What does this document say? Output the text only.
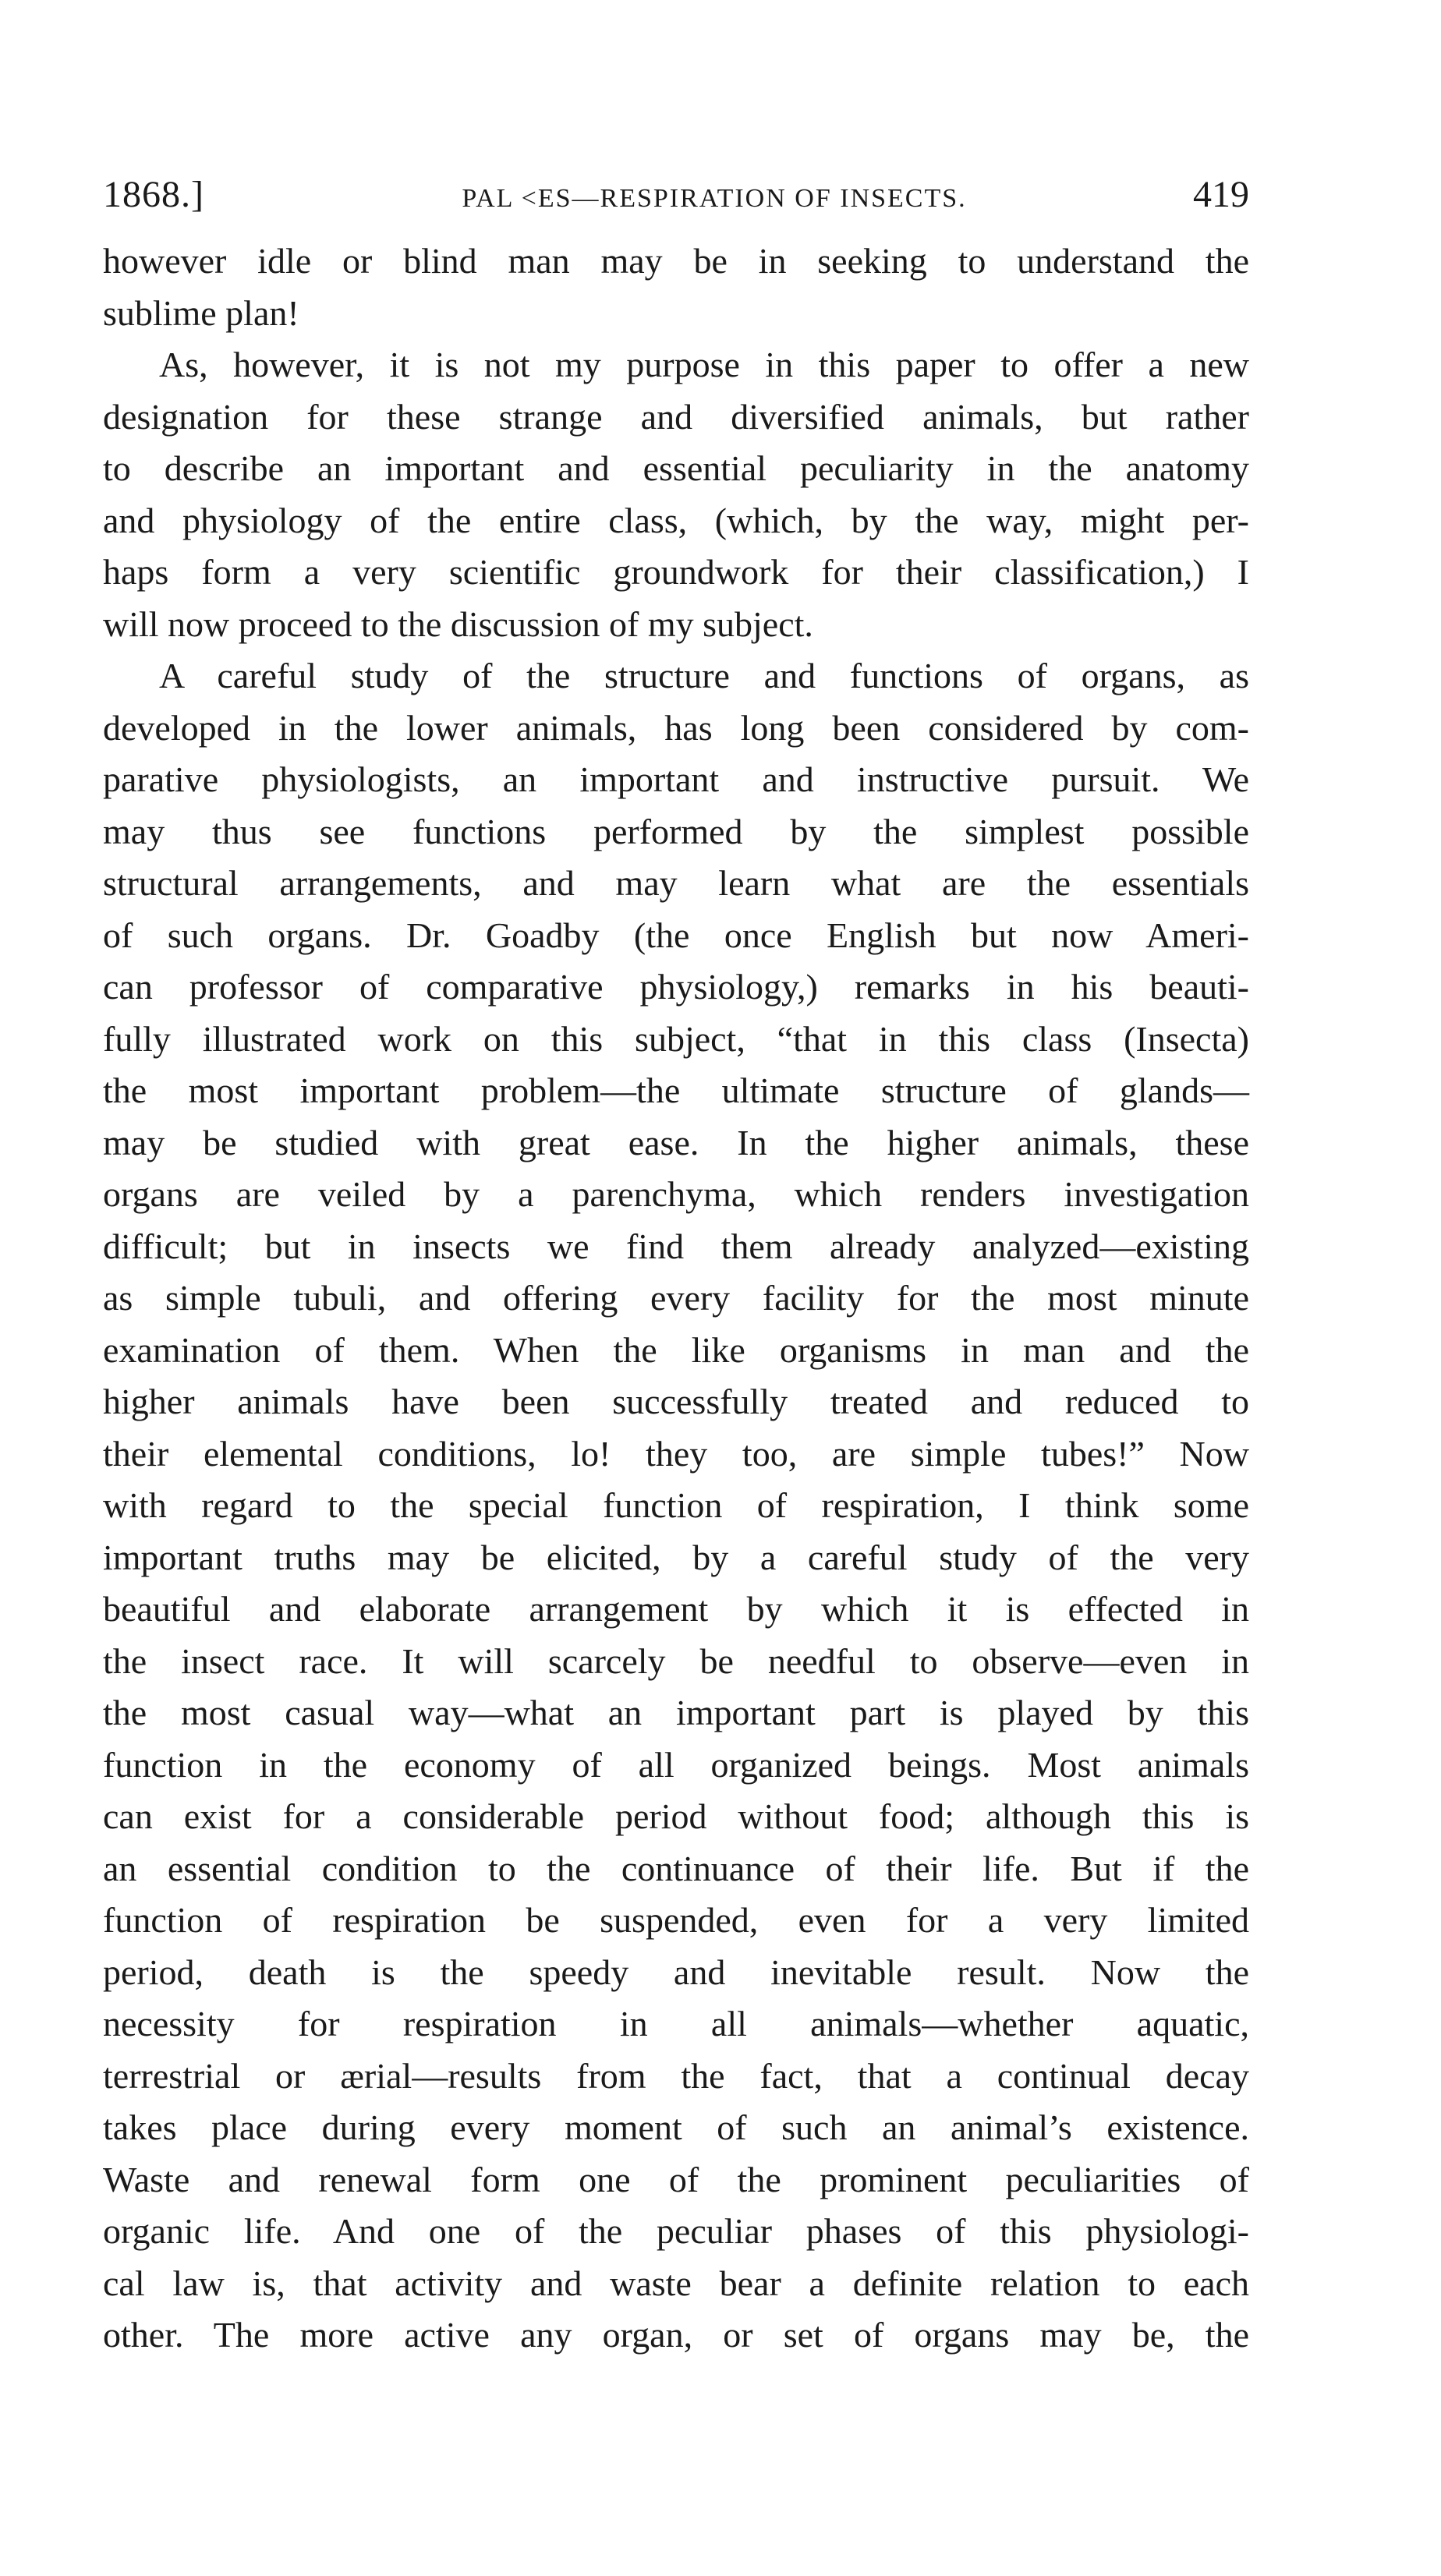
1868.]	PAL <ES—RESPIRATION OF INSECTS.	419
however idle or blind man may be in seeking to understand the
sublime plan!
As, however, it is not my purpose in this paper to offer a new
designation for these strange and diversified animals, but rather
to describe an important and essential peculiarity in the anatomy
and physiology of the entire class, (which, by the way, might per-
haps form a very scientific groundwork for their classification,) I
will now proceed to the discussion of my subject.
A careful study of the structure and functions of organs, as
developed in the lower animals, has long been considered by com-
parative physiologists, an important and instructive pursuit. We
may thus see functions performed by the simplest possible
structural arrangements, and may learn what are the essentials
of such organs. Dr. Goadby (the once English but now Ameri-
can professor of comparative physiology,) remarks in his beauti-
fully illustrated work on this subject, “that in this class (Insecta)
the most important problem—the ultimate structure of glands—
may be studied with great ease. In the higher animals, these
organs are veiled by a parenchyma, which renders investigation
difficult; but in insects we find them already analyzed—existing
as simple tubuli, and offering every facility for the most minute
examination of them. When the like organisms in man and the
higher animals have been successfully treated and reduced to
their elemental conditions, lo! they too, are simple tubes!” Now
with regard to the special function of respiration, I think some
important truths may be elicited, by a careful study of the very
beautiful and elaborate arrangement by which it is effected in
the insect race. It will scarcely be needful to observe—even in
the most casual way—what an important part is played by this
function in the economy of all organized beings. Most animals
can exist for a considerable period without food; although this is
an essential condition to the continuance of their life. But if the
function of respiration be suspended, even for a very limited
period, death is the speedy and inevitable result. Now the
necessity for respiration in all animals—whether aquatic,
terrestrial or ærial—results from the fact, that a continual decay
takes place during every moment of such an animal’s existence.
Waste and renewal form one of the prominent peculiarities of
organic life. And one of the peculiar phases of this physiologi-
cal law is, that activity and waste bear a definite relation to each
other. The more active any organ, or set of organs may be, the
